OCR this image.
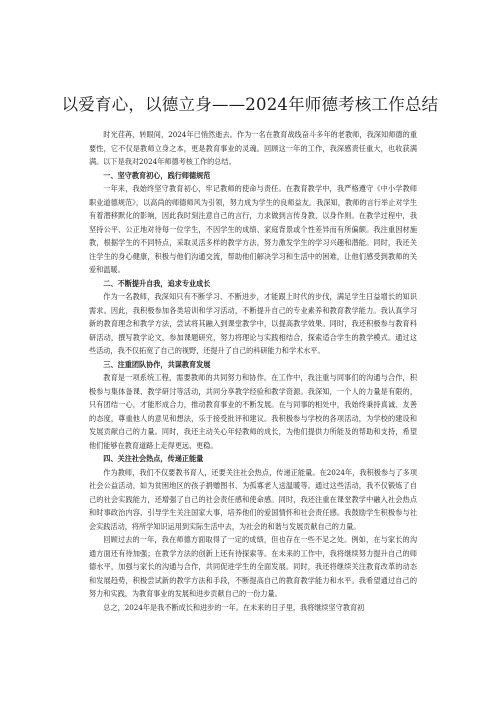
以爱育心，以德立身——2024年师德考核工作总结

时光荏苒，转眼间，2024年已悄然逝去。作为一名在教育战线奋斗多年的老教师，我深知师德的重要性，它不仅是教师立身之本，更是教育事业的灵魂。回顾这一年的工作，我深感责任重大，也收获满满。以下是我对2024年师德考核工作的总结。

一、坚守教育初心，践行师德规范

一年来，我始终坚守教育初心，牢记教师的使命与责任。在教育教学中，我严格遵守《中小学教师职业道德规范》，以高尚的师德师风为引领，努力成为学生的良师益友。我深知，教师的言行举止对学生有着潜移默化的影响，因此我时刻注意自己的言行，力求做到言传身教，以身作则。在教学过程中，我坚持公平、公正地对待每一位学生，不因学生的成绩、家庭背景或个性差异而有所偏颇。我注重因材施教，根据学生的不同特点，采取灵活多样的教学方法，努力激发学生的学习兴趣和潜能。同时，我还关注学生的身心健康，积极与他们沟通交流，帮助他们解决学习和生活中的困难，让他们感受到教师的关爱和温暖。

二、不断提升自我，追求专业成长

作为一名教师，我深知只有不断学习、不断进步，才能跟上时代的步伐，满足学生日益增长的知识需求。因此，我积极参加各类培训和学习活动，不断提升自己的专业素养和教育教学能力。我认真学习新的教育理念和教学方法，尝试将其融入到课堂教学中，以提高教学效果。同时，我还积极参与教育科研活动，撰写教学论文，参加课题研究，努力将理论与实践相结合，探索适合学生的教学模式。通过这些活动，我不仅拓宽了自己的视野，还提升了自己的科研能力和学术水平。

三、注重团队协作，共谋教育发展

教育是一项系统工程，需要教师的共同努力和协作。在工作中，我注重与同事们的沟通与合作，积极参与集体备课、教学研讨等活动，共同分享教学经验和教学资源。我深知，一个人的力量是有限的，只有团结一心，才能形成合力，推动教育事业的不断发展。在与同事的相处中，我始终秉持真诚、友善的态度，尊重他人的意见和想法，乐于接受批评和建议。我积极参与学校的各项活动，为学校的建设和发展贡献自己的力量。同时，我还主动关心年轻教师的成长，为他们提供力所能及的帮助和支持，希望他们能够在教育道路上走得更远、更稳。

四、关注社会热点，传递正能量

作为教师，我们不仅要教书育人，还要关注社会热点，传递正能量。在2024年，我积极参与了多项社会公益活动，如为贫困地区的孩子捐赠图书、为孤寡老人送温暖等。通过这些活动，我不仅锻炼了自己的社会实践能力，还增强了自己的社会责任感和使命感。同时，我还注重在课堂教学中融入社会热点和时事政治内容，引导学生关注国家大事，培养他们的爱国情怀和社会责任感。我鼓励学生积极参与社会实践活动，将所学知识运用到实际生活中去，为社会的和谐与发展贡献自己的力量。

回顾过去的一年，我在师德方面取得了一定的成绩，但也存在一些不足之处。例如，在与家长的沟通方面还有待加强；在教学方法的创新上还有待探索等。在未来的工作中，我将继续努力提升自己的师德水平，加强与家长的沟通与合作，共同促进学生的全面发展。同时，我还将继续关注教育改革的动态和发展趋势，积极尝试新的教学方法和手段，不断提高自己的教育教学能力和水平。我希望通过自己的努力和实践，为教育事业的发展和进步贡献自己的一份力量。

总之，2024年是我不断成长和进步的一年。在未来的日子里，我将继续坚守教育初
